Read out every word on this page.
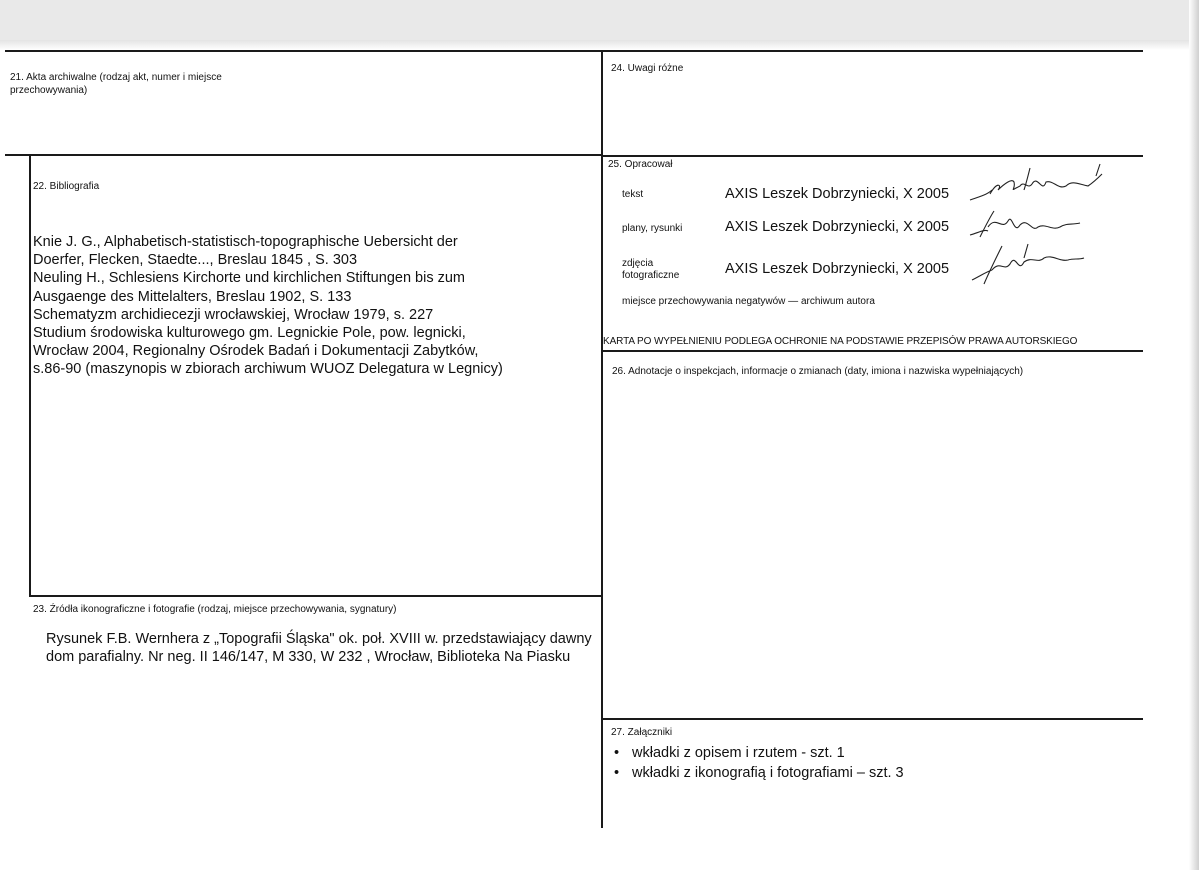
21. Akta archiwalne (rodzaj akt, numer i miejsce przechowywania)
22. Bibliografia
Knie J. G., Alphabetisch-statistisch-topographische Uebersicht der Doerfer, Flecken, Staedte..., Breslau 1845 , S. 303
Neuling H., Schlesiens Kirchorte und kirchlichen Stiftungen bis zum Ausgaenge des Mittelalters, Breslau 1902, S. 133
Schematyzm archidiecezji wrocławskiej, Wrocław 1979, s. 227
Studium środowiska kulturowego gm. Legnickie Pole, pow. legnicki, Wrocław 2004, Regionalny Ośrodek Badań i Dokumentacji Zabytków, s.86-90 (maszynopis w zbiorach archiwum WUOZ Delegatura w Legnicy)
23. Źródła ikonograficzne i fotografie (rodzaj, miejsce przechowywania, sygnatury)
Rysunek F.B. Wernhera z „Topografii Śląska" ok. poł. XVIII w. przedstawiający dawny dom parafialny. Nr neg. II 146/147, M 330, W 232 , Wrocław, Biblioteka Na Piasku
24. Uwagi różne
25. Opracował
tekst	AXIS Leszek Dobrzyniecki, X 2005
plany, rysunki	AXIS Leszek Dobrzyniecki, X 2005
zdjęcia fotograficzne	AXIS Leszek Dobrzyniecki, X 2005
miejsce przechowywania negatywów — archiwum autora
KARTA PO WYPEŁNIENIU PODLEGA OCHRONIE NA PODSTAWIE PRZEPISÓW PRAWA AUTORSKIEGO
26. Adnotacje o inspekcjach, informacje o zmianach (daty, imiona i nazwiska wypełniających)
27. Załączniki
• wkładki z opisem i rzutem - szt. 1
• wkładki z ikonografią i fotografiami – szt. 3
